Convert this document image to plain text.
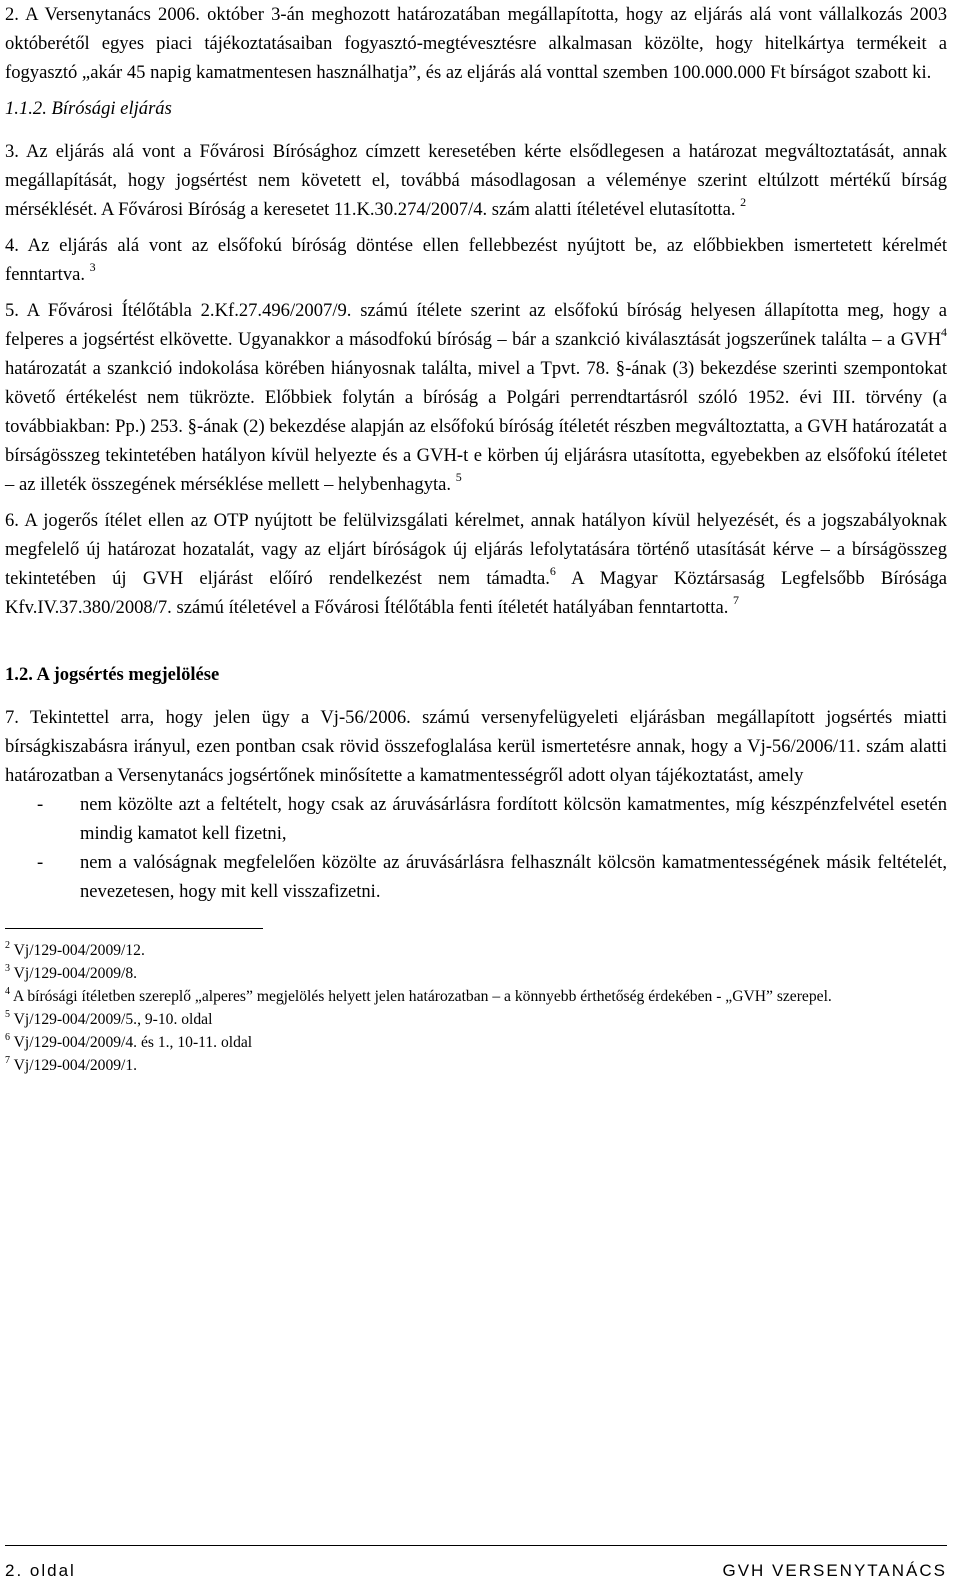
2. A Versenytanács 2006. október 3-án meghozott határozatában megállapította, hogy az eljárás alá vont vállalkozás 2003 októberétől egyes piaci tájékoztatásaiban fogyasztó-megtévesztésre alkalmasan közölte, hogy hitelkártya termékeit a fogyasztó „akár 45 napig kamatmentesen használhatja”, és az eljárás alá vonttal szemben 100.000.000 Ft bírságot szabott ki.

1.1.2. Bírósági eljárás

3. Az eljárás alá vont a Fővárosi Bírósághoz címzett keresetében kérte elsődlegesen a határozat megváltoztatását, annak megállapítását, hogy jogsértést nem követett el, továbbá másodlagosan a véleménye szerint eltúlzott mértékű bírság mérséklését. A Fővárosi Bíróság a keresetet 11.K.30.274/2007/4. szám alatti ítéletével elutasította. $^2$

4. Az eljárás alá vont az elsőfokú bíróság döntése ellen fellebbezést nyújtott be, az előbbiekben ismertetett kérelmét fenntartva. $^3$

5. A Fővárosi Ítélőtábla 2.Kf.27.496/2007/9. számú ítélete szerint az elsőfokú bíróság helyesen állapította meg, hogy a felperes a jogsértést elkövette. Ugyanakkor a másodfokú bíróság – bár a szankció kiválasztását jogszerűnek találta – a GVH$^4$ határozatát a szankció indokolása körében hiányosnak találta, mivel a Tpvt. 78. §-ának (3) bekezdése szerinti szempontokat követő értékelést nem tükrözte. Előbbiek folytán a bíróság a Polgári perrendtartásról szóló 1952. évi III. törvény (a továbbiakban: Pp.) 253. §-ának (2) bekezdése alapján az elsőfokú bíróság ítéletét részben megváltoztatta, a GVH határozatát a bírságösszeg tekintetében hatályon kívül helyezte és a GVH-t e körben új eljárásra utasította, egyebekben az elsőfokú ítéletet – az illeték összegének mérséklése mellett – helybenhagyta. $^5$

6. A jogerős ítélet ellen az OTP nyújtott be felülvizsgálati kérelmet, annak hatályon kívül helyezését, és a jogszabályoknak megfelelő új határozat hozatalát, vagy az eljárt bíróságok új eljárás lefolytatására történő utasítását kérve – a bírságösszeg tekintetében új GVH eljárást előíró rendelkezést nem támadta.$^6$ A Magyar Köztársaság Legfelsőbb Bírósága Kfv.IV.37.380/2008/7. számú ítéletével a Fővárosi Ítélőtábla fenti ítéletét hatályában fenntartotta. $^7$

1.2. A jogsértés megjelölése

7. Tekintettel arra, hogy jelen ügy a Vj-56/2006. számú versenyfelügyeleti eljárásban megállapított jogsértés miatti bírságkiszabásra irányul, ezen pontban csak rövid összefoglalása kerül ismertetésre annak, hogy a Vj-56/2006/11. szám alatti határozatban a Versenytanács jogsértőnek minősítette a kamatmentességről adott olyan tájékoztatást, amely

- nem közölte azt a feltételt, hogy csak az áruvásárlásra fordított kölcsön kamatmentes, míg készpénzfelvétel esetén mindig kamatot kell fizetni,
- nem a valóságnak megfelelően közölte az áruvásárlásra felhasznált kölcsön kamatmentességének másik feltételét, nevezetesen, hogy mit kell visszafizetni.

$^2$ Vj/129-004/2009/12.

$^3$ Vj/129-004/2009/8.

$^4$ A bírósági ítéletben szereplő „alperes” megjelölés helyett jelen határozatban – a könnyebb érthetőség érdekében - „GVH” szerepel.

$^5$ Vj/129-004/2009/5., 9-10. oldal

$^6$ Vj/129-004/2009/4. és 1., 10-11. oldal

$^7$ Vj/129-004/2009/1.

2. oldal	GVH VERSENYTANÁCS
